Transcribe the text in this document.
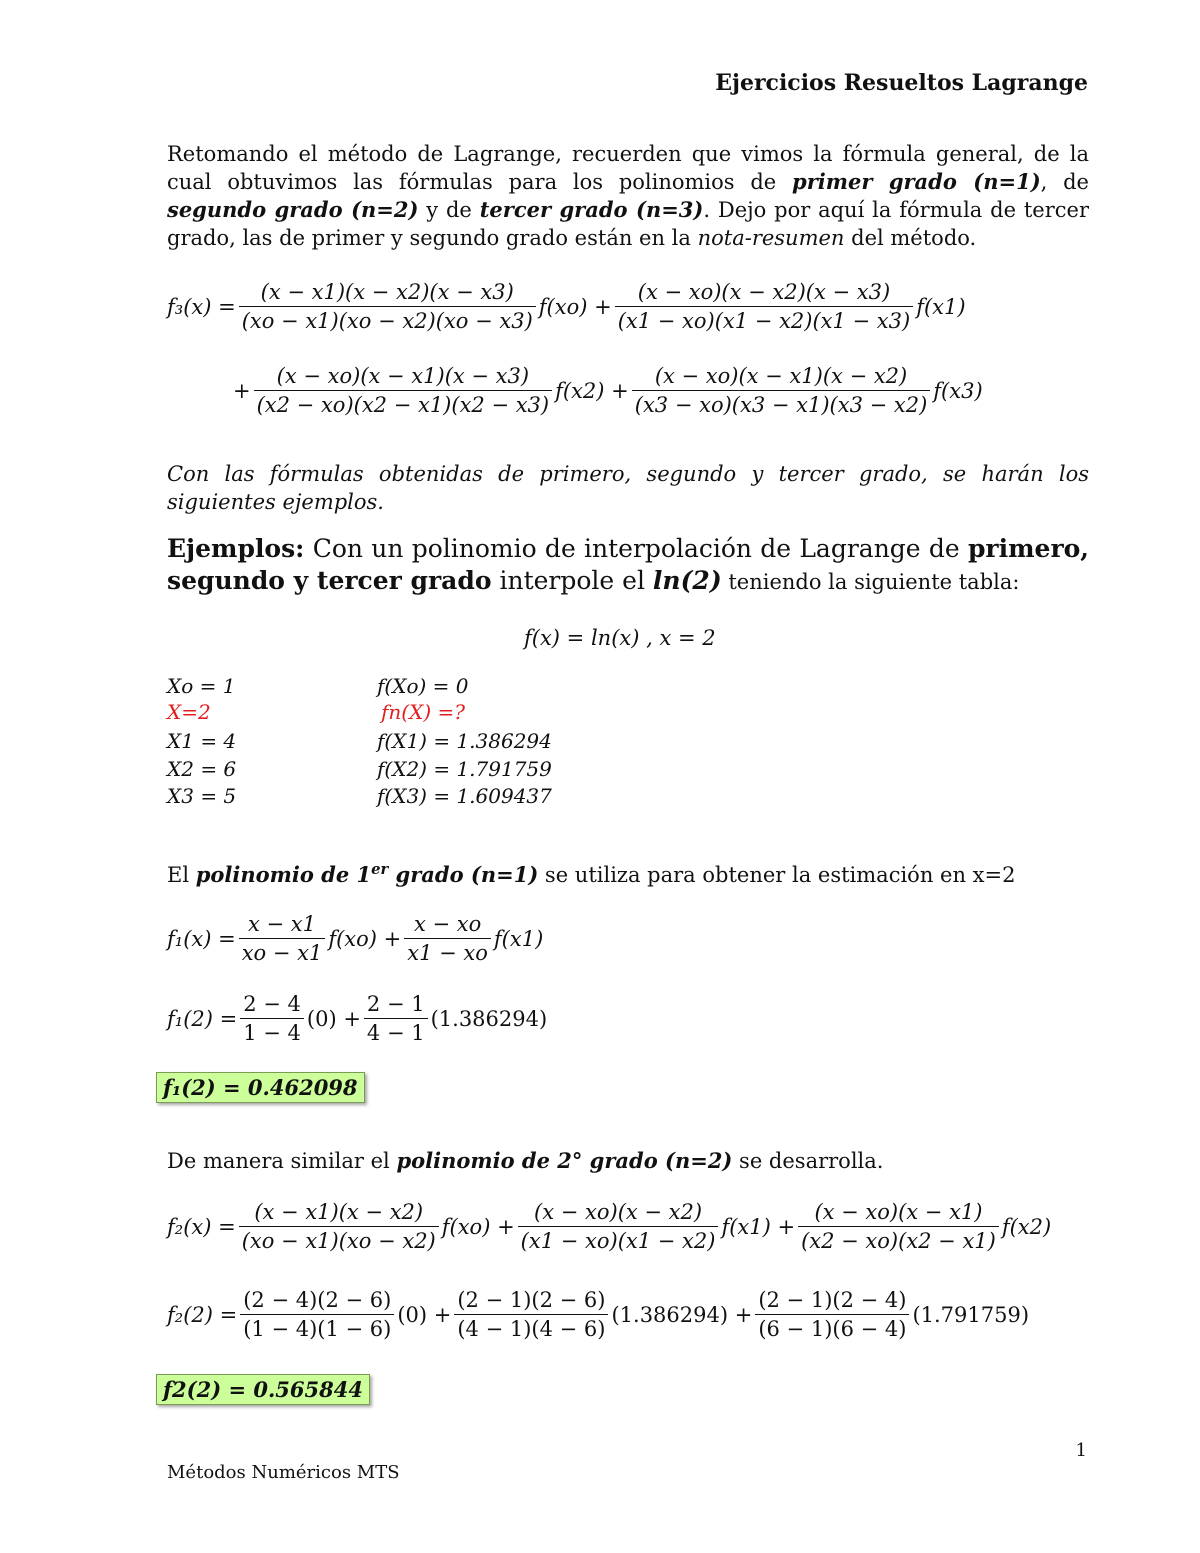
Ejercicios Resueltos Lagrange
Retomando el método de Lagrange, recuerden que vimos la fórmula general, de la cual obtuvimos las fórmulas para los polinomios de primer grado (n=1), de segundo grado (n=2) y de tercer grado (n=3). Dejo por aquí la fórmula de tercer grado, las de primer y segundo grado están en la nota-resumen del método.
$f_3(x) = \frac{(x - x1)(x - x2)(x - x3)}{(xo - x1)(xo - x2)(xo - x3)} f(xo) + \frac{(x - xo)(x - x2)(x - x3)}{(x1 - xo)(x1 - x2)(x1 - x3)} f(x1)$
+ $\frac{(x - xo)(x - x1)(x - x3)}{(x2 - xo)(x2 - x1)(x2 - x3)} f(x2) + \frac{(x - xo)(x - x1)(x - x2)}{(x3 - xo)(x3 - x1)(x3 - x2)} f(x3)$
Con las fórmulas obtenidas de primero, segundo y tercer grado, se harán los siguientes ejemplos.
Ejemplos: Con un polinomio de interpolación de Lagrange de primero, segundo y tercer grado interpole el ln(2) teniendo la siguiente tabla:
f(x) = ln(x) , x = 2
Xo = 1	f(Xo) = 0
X=2	fn(X) =?
X1 = 4	f(X1) = 1.386294
X2 = 6	f(X2) = 1.791759
X3 = 5	f(X3) = 1.609437
El polinomio de 1er grado (n=1) se utiliza para obtener la estimación en x=2
$f_1(x) = \frac{x - x1}{xo - x1} f(xo) + \frac{x - xo}{x1 - xo} f(x1)$
$f_1(2) = \frac{2 - 4}{1 - 4} (0) + \frac{2 - 1}{4 - 1} (1.386294)$
f₁(2) = 0.462098
De manera similar el polinomio de 2° grado (n=2) se desarrolla.
$f_2(x) = \frac{(x - x1)(x - x2)}{(xo - x1)(xo - x2)} f(xo) + \frac{(x - xo)(x - x2)}{(x1 - xo)(x1 - x2)} f(x1) + \frac{(x - xo)(x - x1)}{(x2 - xo)(x2 - x1)} f(x2)$
$f_2(2) = \frac{(2 - 4)(2 - 6)}{(1 - 4)(1 - 6)} (0) + \frac{(2 - 1)(2 - 6)}{(4 - 1)(4 - 6)} (1.386294) + \frac{(2 - 1)(2 - 4)}{(6 - 1)(6 - 4)} (1.791759)$
f2(2) = 0.565844
1
Métodos Numéricos MTS
